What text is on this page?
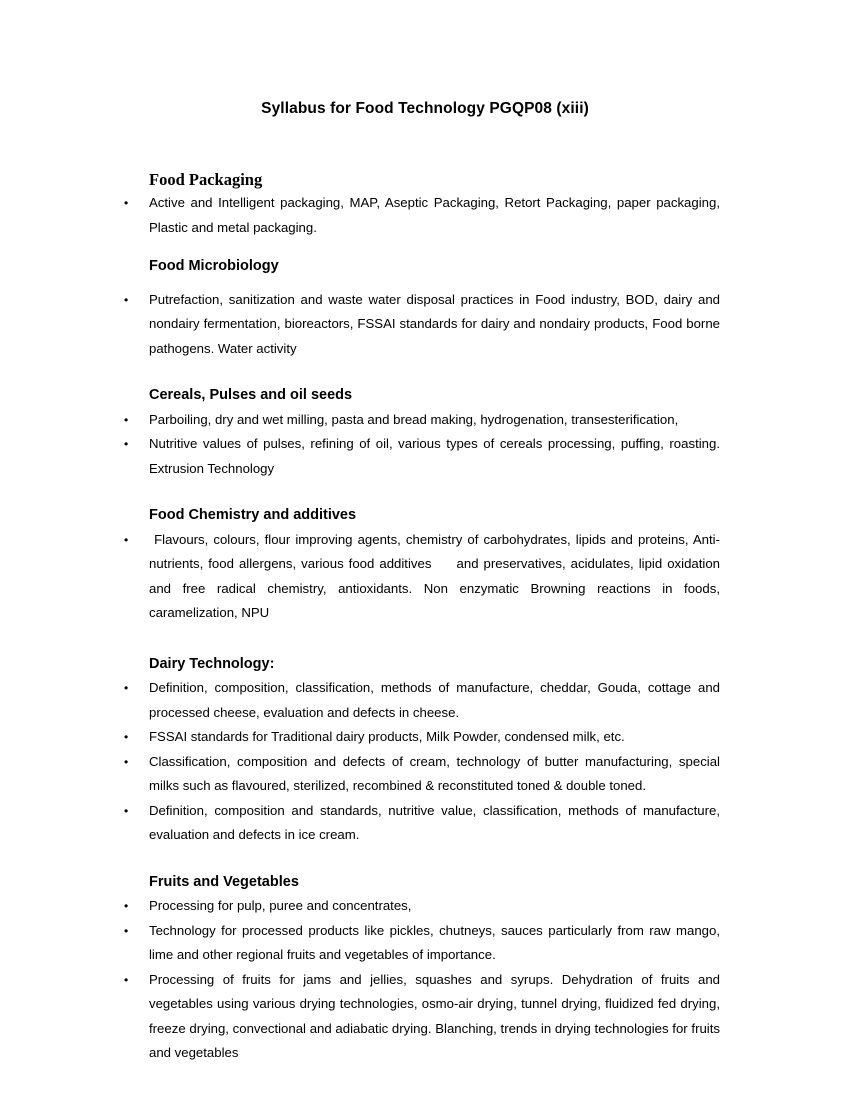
Syllabus for Food Technology PGQP08 (xiii)
Food Packaging
• Active and Intelligent packaging, MAP, Aseptic Packaging, Retort Packaging, paper packaging, Plastic and metal packaging.
Food Microbiology
• Putrefaction, sanitization and waste water disposal practices in Food industry, BOD, dairy and nondairy fermentation, bioreactors, FSSAI standards for dairy and nondairy products, Food borne pathogens. Water activity
Cereals, Pulses and oil seeds
• Parboiling, dry and wet milling, pasta and bread making, hydrogenation, transesterification,
• Nutritive values of pulses, refining of oil, various types of cereals processing, puffing, roasting. Extrusion Technology
Food Chemistry and additives
•  Flavours, colours, flour improving agents, chemistry of carbohydrates, lipids and proteins, Anti-nutrients, food allergens, various food additives     and preservatives, acidulates, lipid oxidation and free radical chemistry, antioxidants. Non enzymatic Browning reactions in foods, caramelization, NPU
Dairy Technology:
• Definition, composition, classification, methods of manufacture, cheddar, Gouda, cottage and processed cheese, evaluation and defects in cheese.
• FSSAI standards for Traditional dairy products, Milk Powder, condensed milk, etc.
• Classification, composition and defects of cream, technology of butter manufacturing, special milks such as flavoured, sterilized, recombined & reconstituted toned & double toned.
• Definition, composition and standards, nutritive value, classification, methods of manufacture, evaluation and defects in ice cream.
Fruits and Vegetables
• Processing for pulp, puree and concentrates,
• Technology for processed products like pickles, chutneys, sauces particularly from raw mango, lime and other regional fruits and vegetables of importance.
• Processing of fruits for jams and jellies, squashes and syrups. Dehydration of fruits and vegetables using various drying technologies, osmo-air drying, tunnel drying, fluidized fed drying, freeze drying, convectional and adiabatic drying. Blanching, trends in drying technologies for fruits and vegetables
